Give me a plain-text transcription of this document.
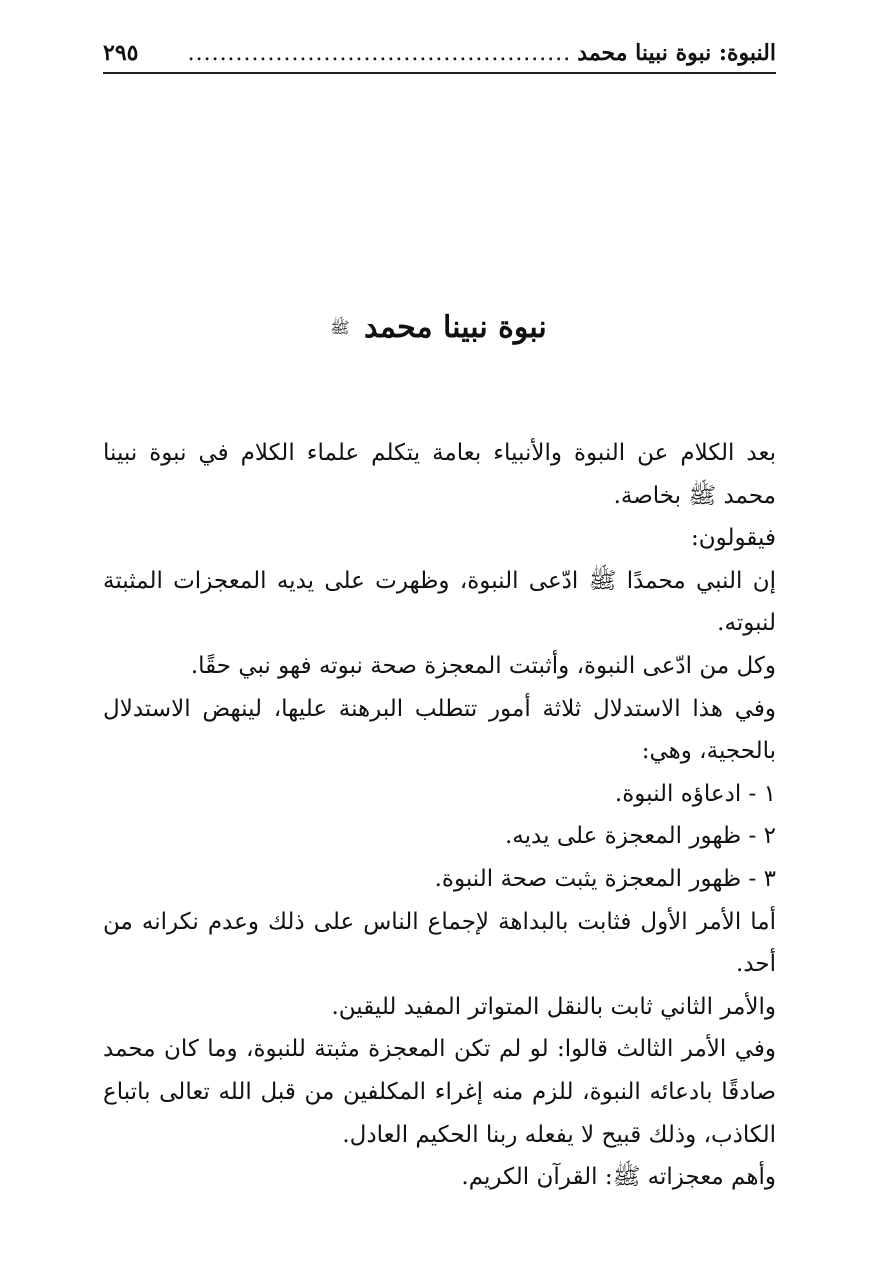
النبوة: نبوة نبينا محمد
................................................
٢٩٥
نبوة نبينا محمد ﷺ

بعد الكلام عن النبوة والأنبياء بعامة يتكلم علماء الكلام في نبوة نبينا محمد ﷺ بخاصة.

فيقولون:

إن النبي محمدًا ﷺ ادّعى النبوة، وظهرت على يديه المعجزات المثبتة لنبوته.

وكل من ادّعى النبوة، وأثبتت المعجزة صحة نبوته فهو نبي حقًا.

وفي هذا الاستدلال ثلاثة أمور تتطلب البرهنة عليها، لينهض الاستدلال بالحجية، وهي:

١ - ادعاؤه النبوة.

٢ - ظهور المعجزة على يديه.

٣ - ظهور المعجزة يثبت صحة النبوة.

أما الأمر الأول فثابت بالبداهة لإجماع الناس على ذلك وعدم نكرانه من أحد.

والأمر الثاني ثابت بالنقل المتواتر المفيد لليقين.

وفي الأمر الثالث قالوا: لو لم تكن المعجزة مثبتة للنبوة، وما كان محمد صادقًا بادعائه النبوة، للزم منه إغراء المكلفين من قبل الله تعالى باتباع الكاذب، وذلك قبيح لا يفعله ربنا الحكيم العادل.

وأهم معجزاته ﷺ: القرآن الكريم.
